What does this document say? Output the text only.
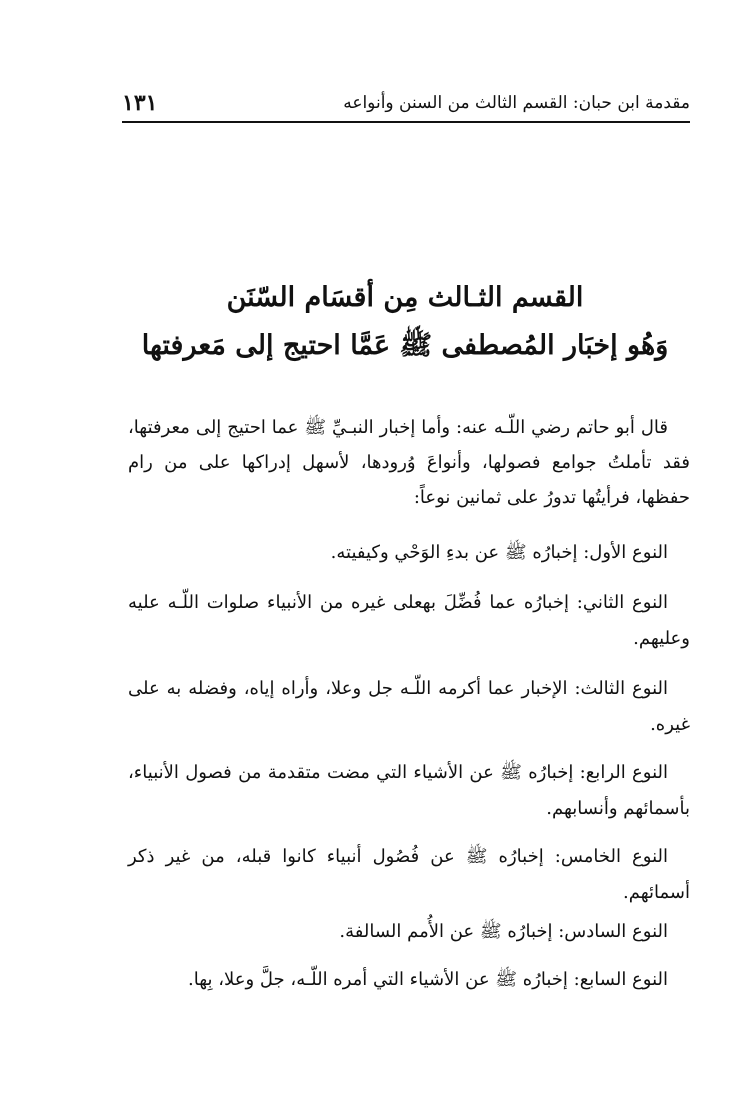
مقدمة ابن حبان: القسم الثالث من السنن وأنواعه
١٣١
القسم الثـالث مِن أقسَام السّنَن
وَهُو إخبَار المُصطفى ﷺ عَمَّا احتيج إلى مَعرفتها

قال أبو حاتم رضي اللّـه عنه: وأما إخبار النبـيِّ ﷺ عما احتيج إلى معرفتها، فقد تأملتُ جوامع فصولها، وأنواعَ وُرودها، لأسهل إدراكها على من رام حفظها، فرأيتُها تدورُ على ثمانين نوعاً:

النوع الأول: إخبارُه ﷺ عن بدءِ الوَحْي وكيفيته.
النوع الثاني: إخبارُه عما فُضِّلَ بهعلى غيره من الأنبياء صلوات اللّـه عليه وعليهم.
النوع الثالث: الإخبار عما أكرمه اللّـه جل وعلا، وأراه إياه، وفضله به على غيره.
النوع الرابع: إخبارُه ﷺ عن الأشياء التي مضت متقدمة من فصول الأنبياء، بأسمائهم وأنسابهم.
النوع الخامس: إخبارُه ﷺ عن فُصُول أنبياء كانوا قبله، من غير ذكر أسمائهم.
النوع السادس: إخبارُه ﷺ عن الأُمم السالفة.
النوع السابع: إخبارُه ﷺ عن الأشياء التي أمره اللّـه، جلَّ وعلا، بِها.
